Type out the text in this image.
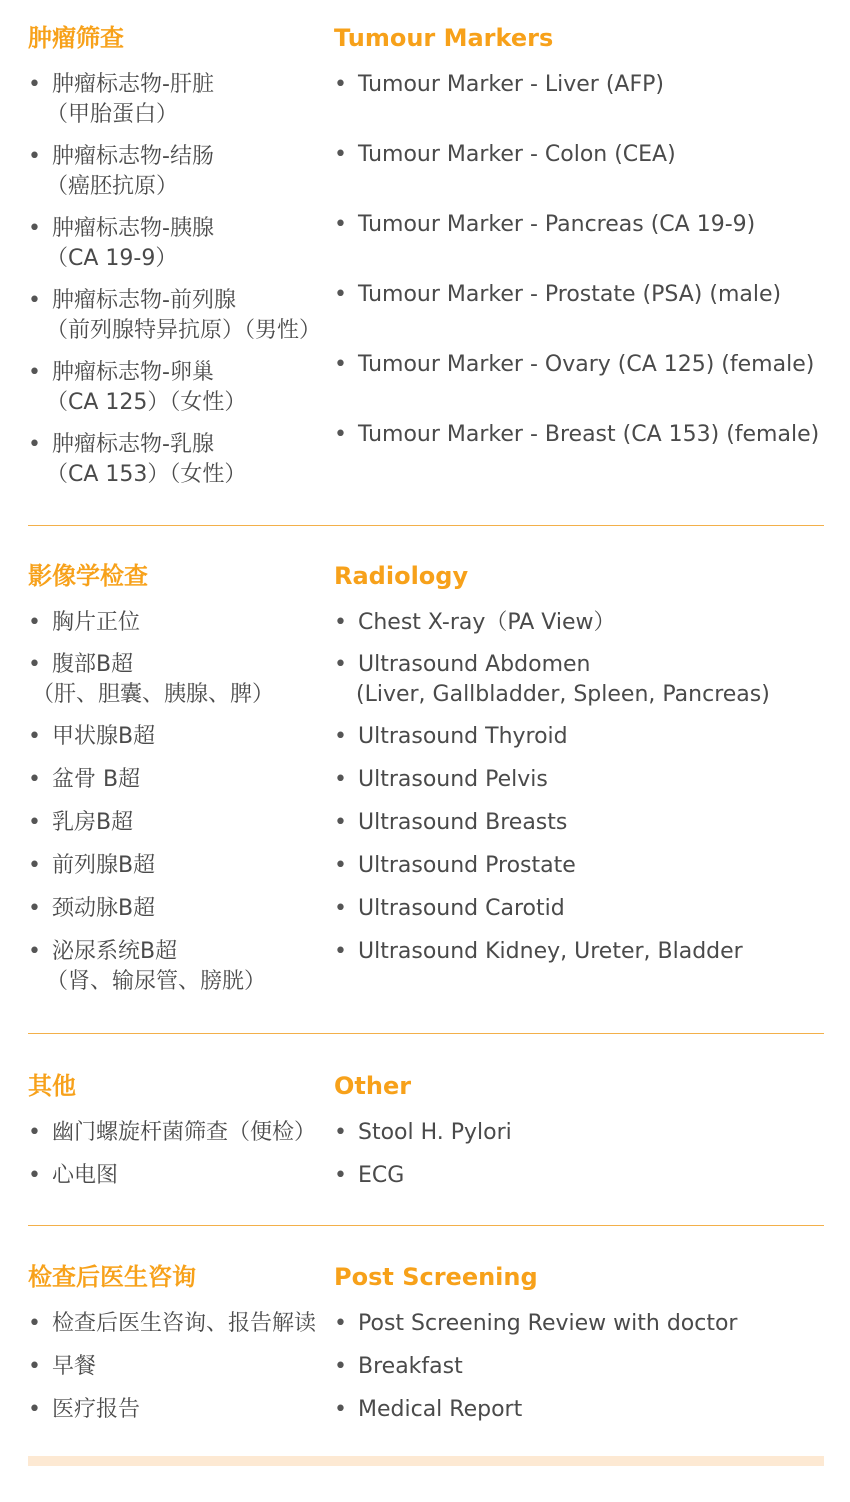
肿瘤筛查
• 肿瘤标志物-肝脏
（甲胎蛋白）
• 肿瘤标志物-结肠
（癌胚抗原）
• 肿瘤标志物-胰腺
（CA 19-9）
• 肿瘤标志物-前列腺
（前列腺特异抗原）（男性）
• 肿瘤标志物-卵巢
（CA 125）（女性）
• 肿瘤标志物-乳腺
（CA 153）（女性）
Tumour Markers
• Tumour Marker - Liver (AFP)
• Tumour Marker - Colon (CEA)
• Tumour Marker - Pancreas (CA 19-9)
• Tumour Marker - Prostate (PSA) (male)
• Tumour Marker - Ovary (CA 125) (female)
• Tumour Marker - Breast (CA 153) (female)
影像学检查
• 胸片正位
• 腹部B超
（肝、胆囊、胰腺、脾）
• 甲状腺B超
• 盆骨 B超
• 乳房B超
• 前列腺B超
• 颈动脉B超
• 泌尿系统B超
（肾、输尿管、膀胱）
Radiology
• Chest X-ray（PA View）
• Ultrasound Abdomen
(Liver, Gallbladder, Spleen, Pancreas)
• Ultrasound Thyroid
• Ultrasound Pelvis
• Ultrasound Breasts
• Ultrasound Prostate
• Ultrasound Carotid
• Ultrasound Kidney, Ureter, Bladder
其他
• 幽门螺旋杆菌筛查（便检）
• 心电图
Other
• Stool H. Pylori
• ECG
检查后医生咨询
• 检查后医生咨询、报告解读
• 早餐
• 医疗报告
Post Screening
• Post Screening Review with doctor
• Breakfast
• Medical Report
